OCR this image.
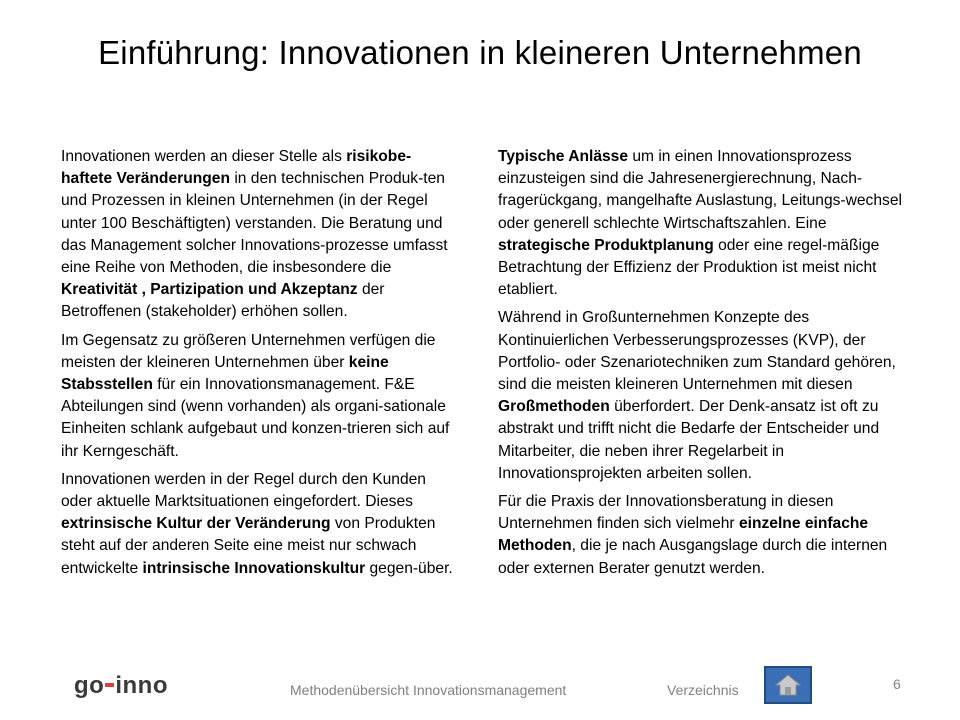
Einführung: Innovationen in kleineren Unternehmen

Innovationen werden an dieser Stelle als risikobe-haftete Veränderungen in den technischen Produk-ten und Prozessen in kleinen Unternehmen (in der Regel unter 100 Beschäftigten) verstanden. Die Beratung und das Management solcher Innovations-prozesse umfasst eine Reihe von Methoden, die insbesondere die Kreativität , Partizipation und Akzeptanz der Betroffenen (stakeholder) erhöhen sollen.

Im Gegensatz zu größeren Unternehmen verfügen die meisten der kleineren Unternehmen über keine Stabsstellen für ein Innovationsmanagement. F&E Abteilungen sind (wenn vorhanden) als organi-sationale Einheiten schlank aufgebaut und konzen-trieren sich auf ihr Kerngeschäft.

Innovationen werden in der Regel durch den Kunden oder aktuelle Marktsituationen eingefordert. Dieses extrinsische Kultur der Veränderung von Produkten steht auf der anderen Seite eine meist nur schwach entwickelte intrinsische Innovationskultur gegen-über.

Typische Anlässe um in einen Innovationsprozess einzusteigen sind die Jahresenergierechnung, Nach-fragerückgang, mangelhafte Auslastung, Leitungs-wechsel oder generell schlechte Wirtschaftszahlen. Eine strategische Produktplanung oder eine regel-mäßige Betrachtung der Effizienz der Produktion ist meist nicht etabliert.

Während in Großunternehmen Konzepte des Kontinuierlichen Verbesserungsprozesses (KVP), der Portfolio- oder Szenariotechniken zum Standard gehören, sind die meisten kleineren Unternehmen mit diesen Großmethoden überfordert. Der Denk-ansatz ist oft zu abstrakt und trifft nicht die Bedarfe der Entscheider und Mitarbeiter, die neben ihrer Regelarbeit in Innovationsprojekten arbeiten sollen.

Für die Praxis der Innovationsberatung in diesen Unternehmen finden sich vielmehr einzelne einfache Methoden, die je nach Ausgangslage durch die internen oder externen Berater genutzt werden.

go inno	Methodenübersicht Innovationsmanagement	Verzeichnis	6
